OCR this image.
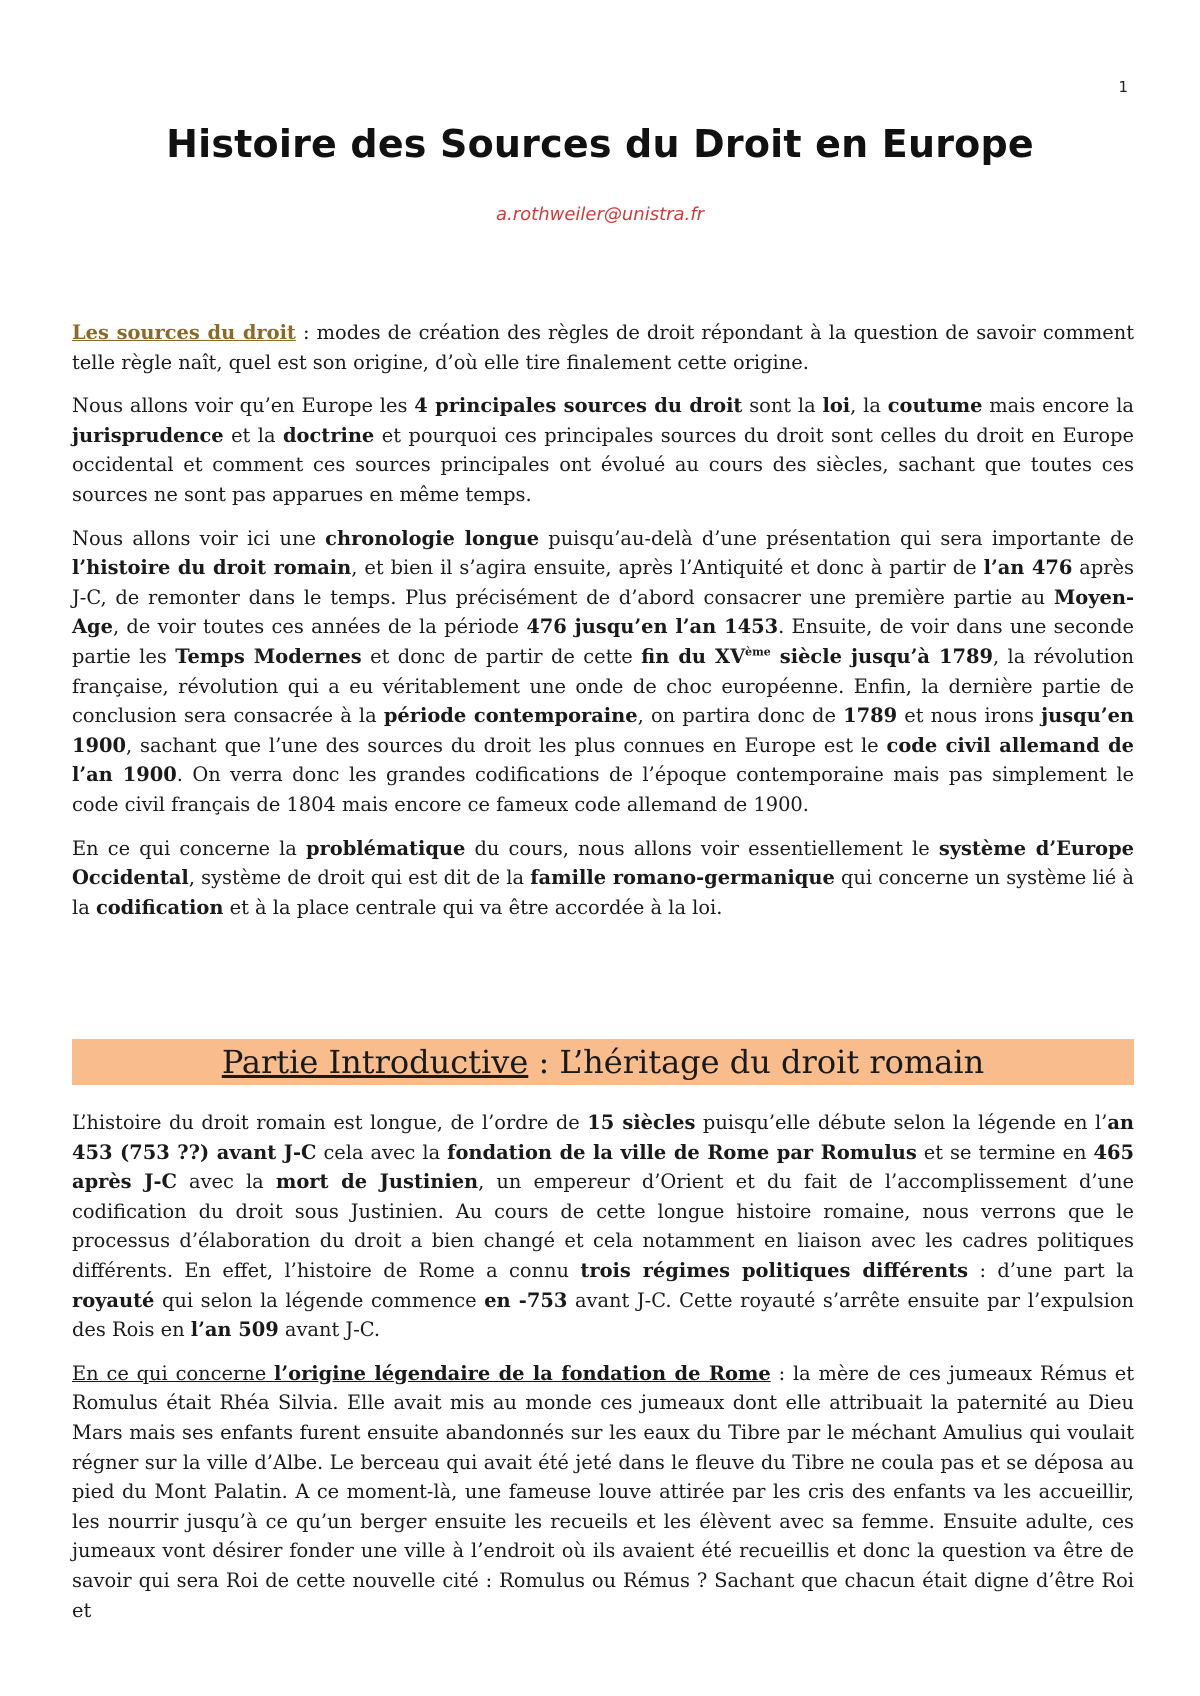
1
Histoire des Sources du Droit en Europe
a.rothweiler@unistra.fr

Les sources du droit : modes de création des règles de droit répondant à la question de savoir comment telle règle naît, quel est son origine, d’où elle tire finalement cette origine.

Nous allons voir qu’en Europe les 4 principales sources du droit sont la loi, la coutume mais encore la jurisprudence et la doctrine et pourquoi ces principales sources du droit sont celles du droit en Europe occidental et comment ces sources principales ont évolué au cours des siècles, sachant que toutes ces sources ne sont pas apparues en même temps.

Nous allons voir ici une chronologie longue puisqu’au-delà d’une présentation qui sera importante de l’histoire du droit romain, et bien il s’agira ensuite, après l’Antiquité et donc à partir de l’an 476 après J-C, de remonter dans le temps. Plus précisément de d’abord consacrer une première partie au Moyen-Age, de voir toutes ces années de la période 476 jusqu’en l’an 1453. Ensuite, de voir dans une seconde partie les Temps Modernes et donc de partir de cette fin du XVème siècle jusqu’à 1789, la révolution française, révolution qui a eu véritablement une onde de choc européenne. Enfin, la dernière partie de conclusion sera consacrée à la période contemporaine, on partira donc de 1789 et nous irons jusqu’en 1900, sachant que l’une des sources du droit les plus connues en Europe est le code civil allemand de l’an 1900. On verra donc les grandes codifications de l’époque contemporaine mais pas simplement le code civil français de 1804 mais encore ce fameux code allemand de 1900.

En ce qui concerne la problématique du cours, nous allons voir essentiellement le système d’Europe Occidental, système de droit qui est dit de la famille romano-germanique qui concerne un système lié à la codification et à la place centrale qui va être accordée à la loi.

Partie Introductive : L’héritage du droit romain

L’histoire du droit romain est longue, de l’ordre de 15 siècles puisqu’elle débute selon la légende en l’an 453 (753 ??) avant J-C cela avec la fondation de la ville de Rome par Romulus et se termine en 465 après J-C avec la mort de Justinien, un empereur d’Orient et du fait de l’accomplissement d’une codification du droit sous Justinien. Au cours de cette longue histoire romaine, nous verrons que le processus d’élaboration du droit a bien changé et cela notamment en liaison avec les cadres politiques différents. En effet, l’histoire de Rome a connu trois régimes politiques différents : d’une part la royauté qui selon la légende commence en -753 avant J-C. Cette royauté s’arrête ensuite par l’expulsion des Rois en l’an 509 avant J-C.

En ce qui concerne l’origine légendaire de la fondation de Rome : la mère de ces jumeaux Rémus et Romulus était Rhéa Silvia. Elle avait mis au monde ces jumeaux dont elle attribuait la paternité au Dieu Mars mais ses enfants furent ensuite abandonnés sur les eaux du Tibre par le méchant Amulius qui voulait régner sur la ville d’Albe. Le berceau qui avait été jeté dans le fleuve du Tibre ne coula pas et se déposa au pied du Mont Palatin. A ce moment-là, une fameuse louve attirée par les cris des enfants va les accueillir, les nourrir jusqu’à ce qu’un berger ensuite les recueils et les élèvent avec sa femme. Ensuite adulte, ces jumeaux vont désirer fonder une ville à l’endroit où ils avaient été recueillis et donc la question va être de savoir qui sera Roi de cette nouvelle cité : Romulus ou Rémus ? Sachant que chacun était digne d’être Roi et
